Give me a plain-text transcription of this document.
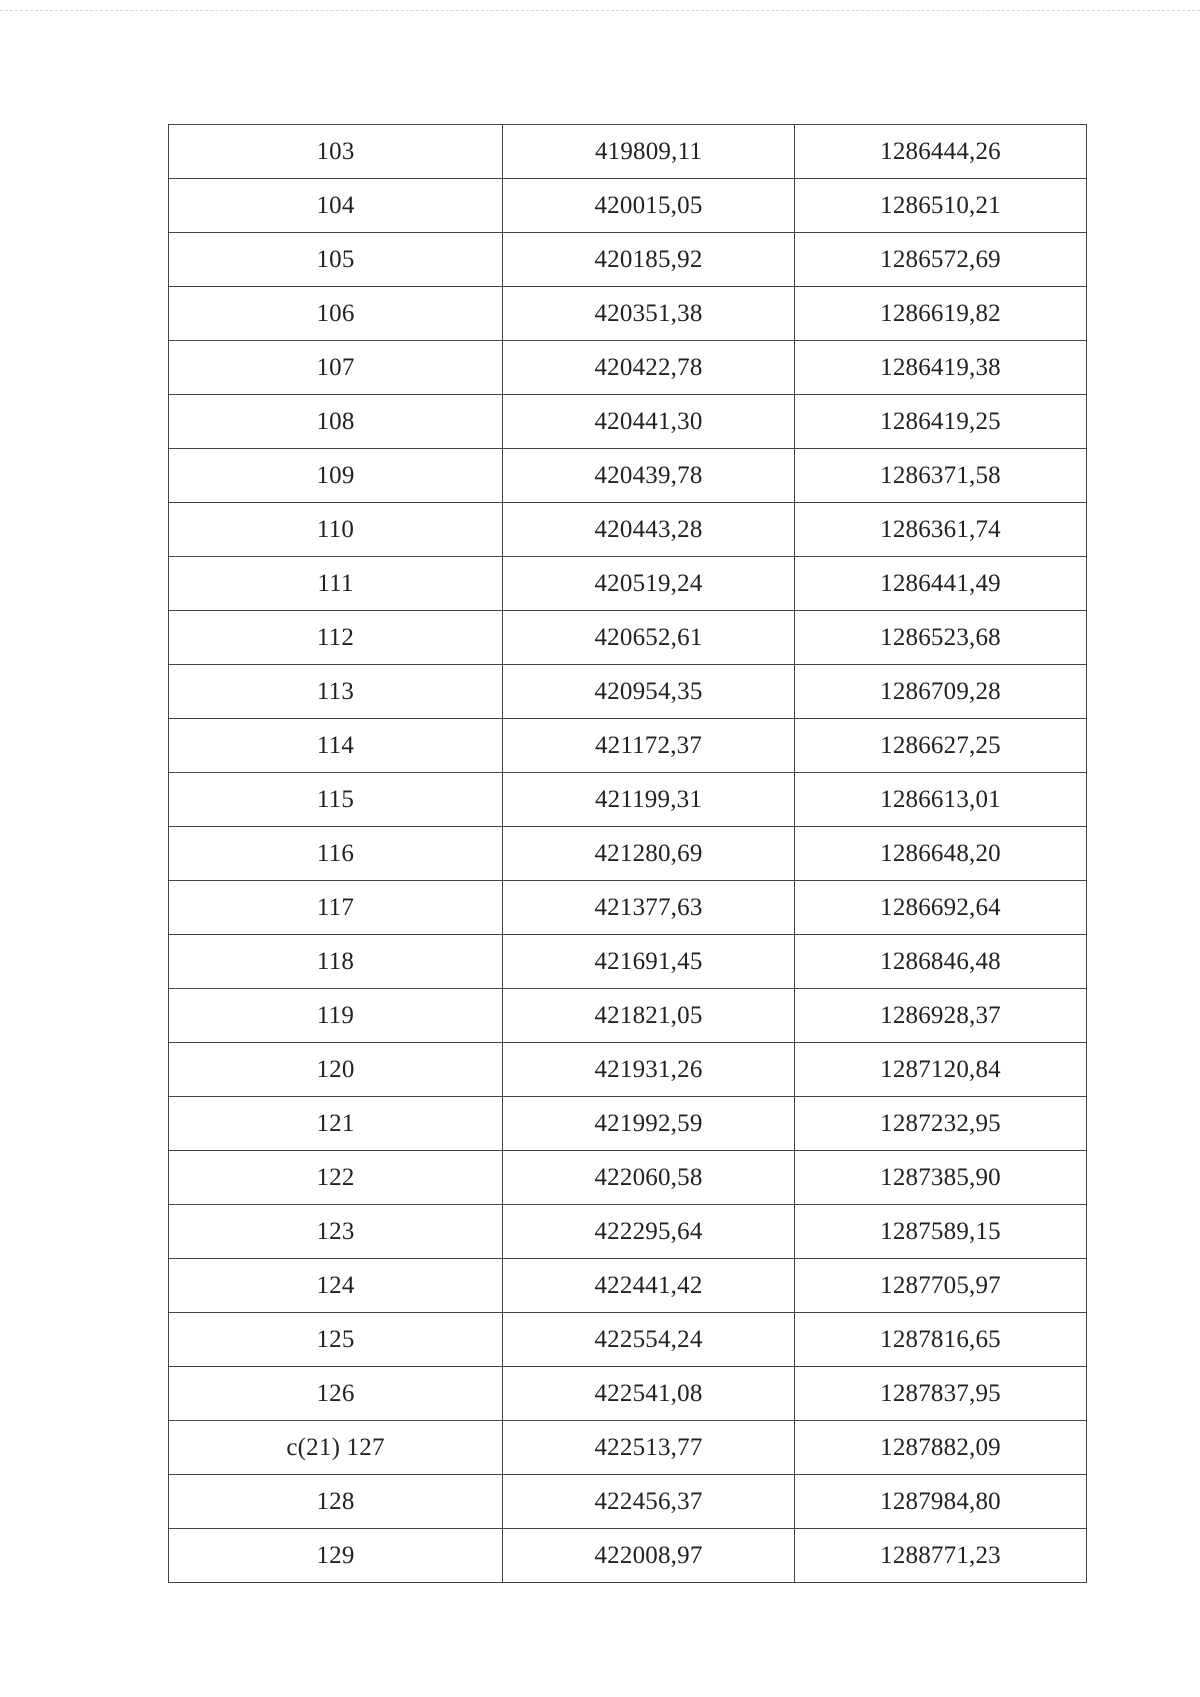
103	419809,11	1286444,26
104	420015,05	1286510,21
105	420185,92	1286572,69
106	420351,38	1286619,82
107	420422,78	1286419,38
108	420441,30	1286419,25
109	420439,78	1286371,58
110	420443,28	1286361,74
111	420519,24	1286441,49
112	420652,61	1286523,68
113	420954,35	1286709,28
114	421172,37	1286627,25
115	421199,31	1286613,01
116	421280,69	1286648,20
117	421377,63	1286692,64
118	421691,45	1286846,48
119	421821,05	1286928,37
120	421931,26	1287120,84
121	421992,59	1287232,95
122	422060,58	1287385,90
123	422295,64	1287589,15
124	422441,42	1287705,97
125	422554,24	1287816,65
126	422541,08	1287837,95
c(21) 127	422513,77	1287882,09
128	422456,37	1287984,80
129	422008,97	1288771,23
